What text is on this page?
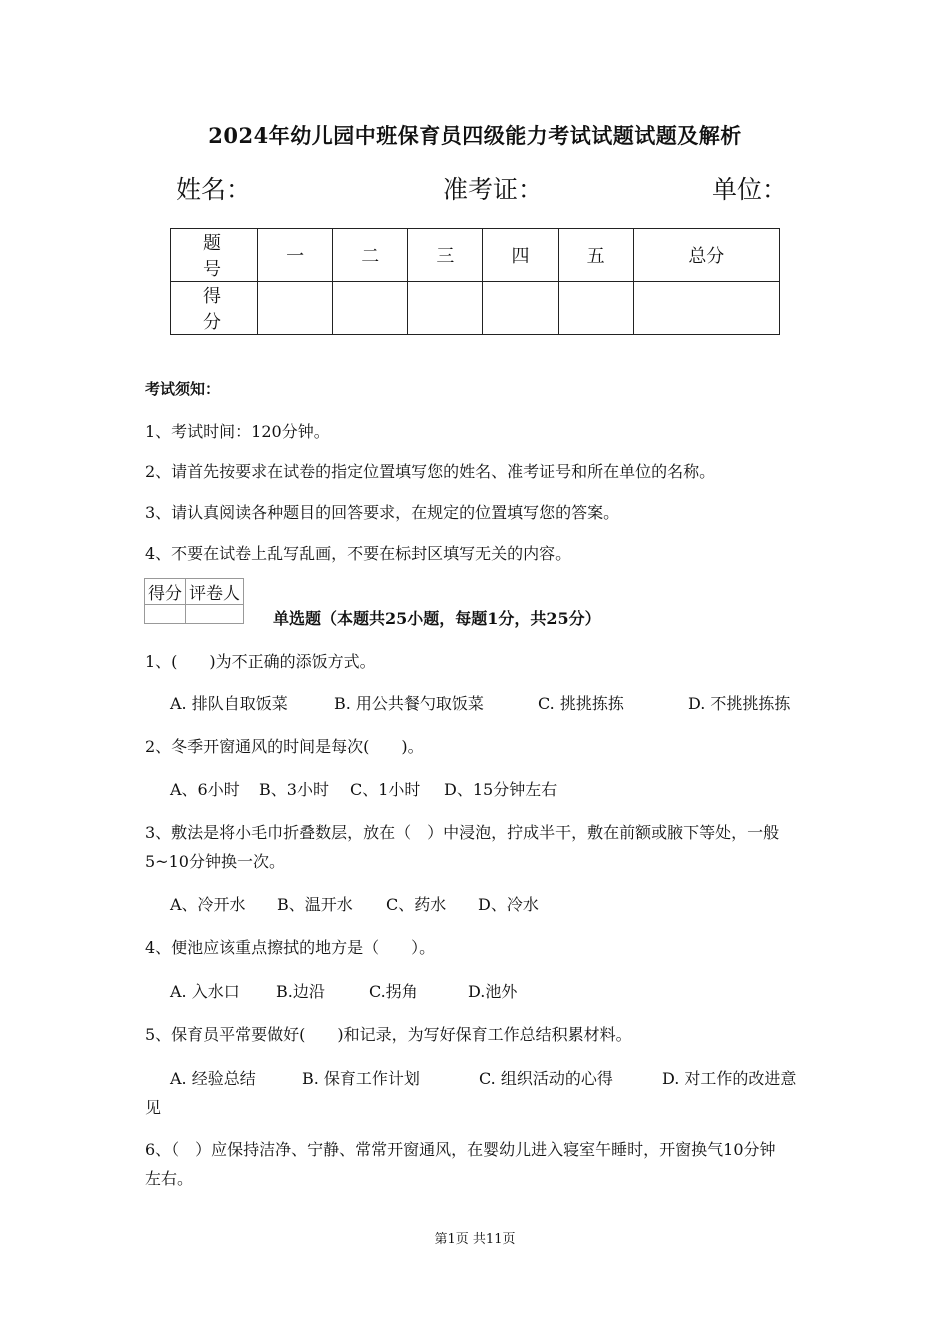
2024年幼儿园中班保育员四级能力考试试题试题及解析
姓名：	准考证：	单位：
题　号	一	二	三	四	五	总分
得　分						
考试须知：
1、考试时间：120分钟。
2、请首先按要求在试卷的指定位置填写您的姓名、准考证号和所在单位的名称。
3、请认真阅读各种题目的回答要求，在规定的位置填写您的答案。
4、不要在试卷上乱写乱画，不要在标封区填写无关的内容。
得分	评卷人

单选题（本题共25小题，每题1分，共25分）
1、(　　)为不正确的添饭方式。
A. 排队自取饭菜	B. 用公共餐勺取饭菜	C. 挑挑拣拣	D. 不挑挑拣拣
2、冬季开窗通风的时间是每次(　　)。
A、6小时 B、3小时 C、1小时 D、15分钟左右
3、敷法是将小毛巾折叠数层，放在（　）中浸泡，拧成半干，敷在前额或腋下等处，一般
5~10分钟换一次。
A、冷开水 B、温开水 C、药水 D、冷水
4、便池应该重点擦拭的地方是（　　）。
A. 入水口 B.边沿	C.拐角	D.池外
5、保育员平常要做好(　　)和记录，为写好保育工作总结积累材料。
A. 经验总结	B. 保育工作计划	C. 组织活动的心得	D. 对工作的改进意
见
6、（　）应保持洁净、宁静、常常开窗通风，在婴幼儿进入寝室午睡时，开窗换气10分钟
左右。
第1页 共11页
